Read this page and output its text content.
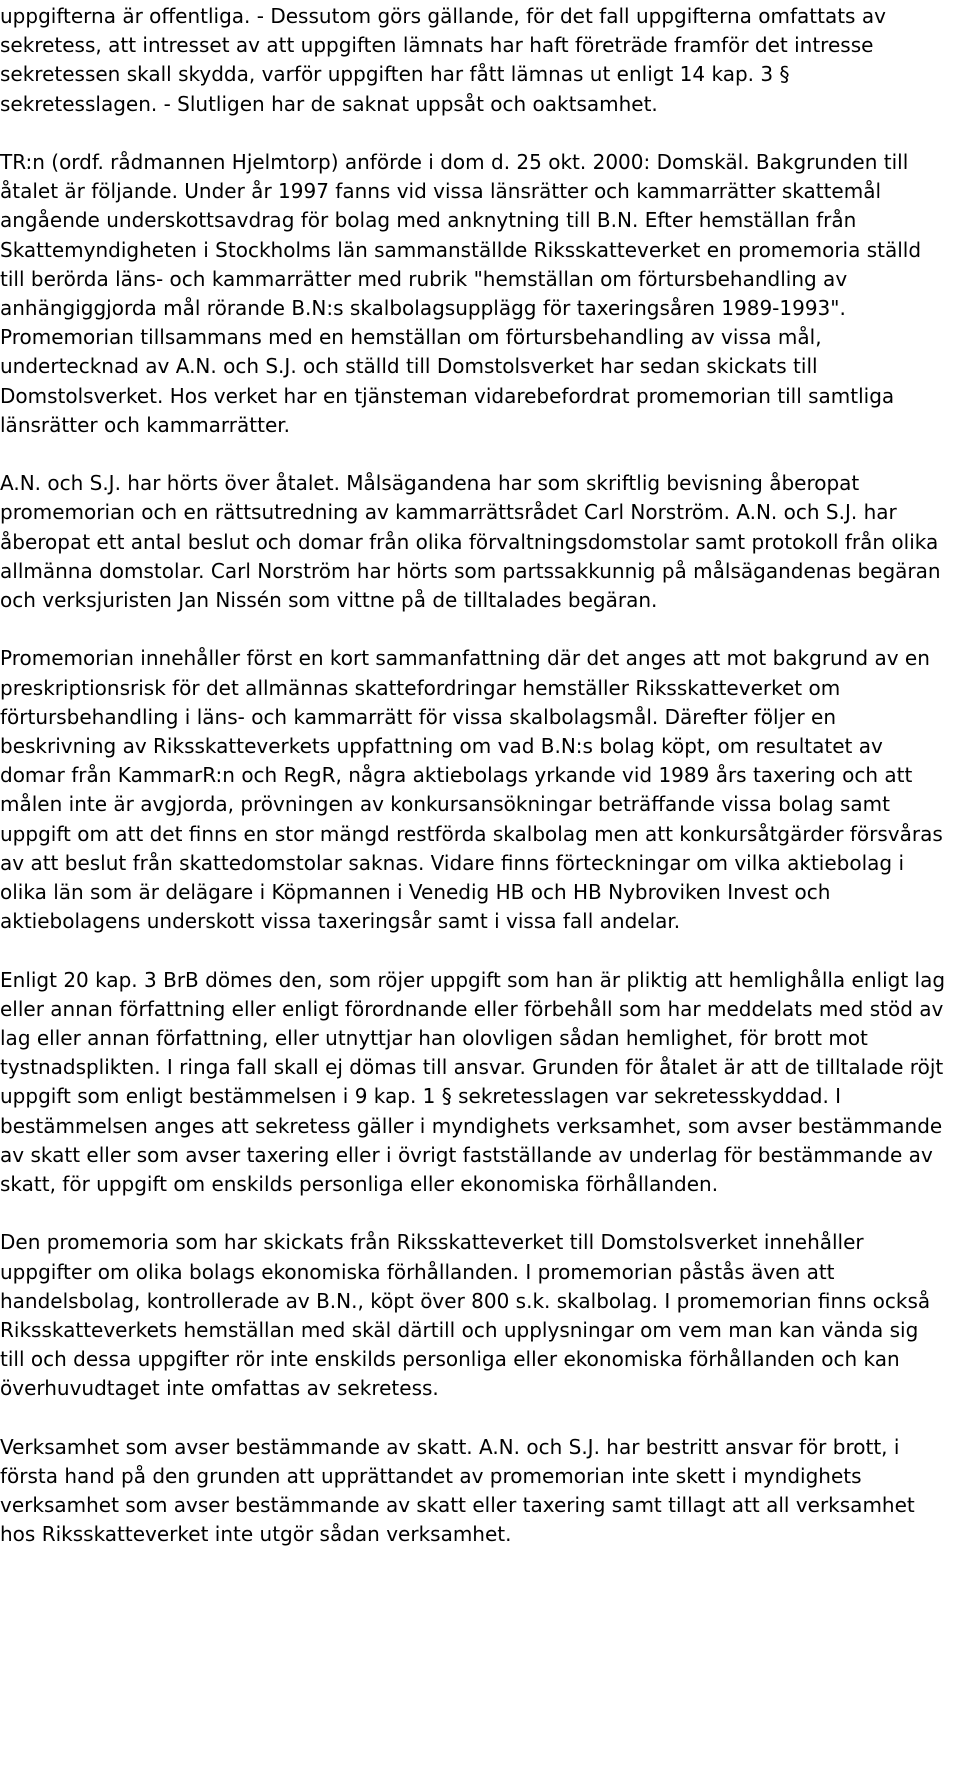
uppgifterna är offentliga. - Dessutom görs gällande, för det fall uppgifterna omfattats av sekretess, att intresset av att uppgiften lämnats har haft företräde framför det intresse sekretessen skall skydda, varför uppgiften har fått lämnas ut enligt 14 kap. 3 § sekretesslagen. - Slutligen har de saknat uppsåt och oaktsamhet.

TR:n (ordf. rådmannen Hjelmtorp) anförde i dom d. 25 okt. 2000: Domskäl. Bakgrunden till åtalet är följande. Under år 1997 fanns vid vissa länsrätter och kammarrätter skattemål angående underskottsavdrag för bolag med anknytning till B.N. Efter hemställan från Skattemyndigheten i Stockholms län sammanställde Riksskatteverket en promemoria ställd till berörda läns- och kammarrätter med rubrik "hemställan om förtursbehandling av anhängiggjorda mål rörande B.N:s skalbolagsupplägg för taxeringsåren 1989-1993". Promemorian tillsammans med en hemställan om förtursbehandling av vissa mål, undertecknad av A.N. och S.J. och ställd till Domstolsverket har sedan skickats till Domstolsverket. Hos verket har en tjänsteman vidarebefordrat promemorian till samtliga länsrätter och kammarrätter.

A.N. och S.J. har hörts över åtalet. Målsägandena har som skriftlig bevisning åberopat promemorian och en rättsutredning av kammarrättsrådet Carl Norström. A.N. och S.J. har åberopat ett antal beslut och domar från olika förvaltningsdomstolar samt protokoll från olika allmänna domstolar. Carl Norström har hörts som partssakkunnig på målsägandenas begäran och verksjuristen Jan Nissén som vittne på de tilltalades begäran.

Promemorian innehåller först en kort sammanfattning där det anges att mot bakgrund av en preskriptionsrisk för det allmännas skattefordringar hemställer Riksskatteverket om förtursbehandling i läns- och kammarrätt för vissa skalbolagsmål. Därefter följer en beskrivning av Riksskatteverkets uppfattning om vad B.N:s bolag köpt, om resultatet av domar från KammarR:n och RegR, några aktiebolags yrkande vid 1989 års taxering och att målen inte är avgjorda, prövningen av konkursansökningar beträffande vissa bolag samt uppgift om att det finns en stor mängd restförda skalbolag men att konkursåtgärder försvåras av att beslut från skattedomstolar saknas. Vidare finns förteckningar om vilka aktiebolag i olika län som är delägare i Köpmannen i Venedig HB och HB Nybroviken Invest och aktiebolagens underskott vissa taxeringsår samt i vissa fall andelar.

Enligt 20 kap. 3 BrB dömes den, som röjer uppgift som han är pliktig att hemlighålla enligt lag eller annan författning eller enligt förordnande eller förbehåll som har meddelats med stöd av lag eller annan författning, eller utnyttjar han olovligen sådan hemlighet, för brott mot tystnadsplikten. I ringa fall skall ej dömas till ansvar. Grunden för åtalet är att de tilltalade röjt uppgift som enligt bestämmelsen i 9 kap. 1 § sekretesslagen var sekretesskyddad. I bestämmelsen anges att sekretess gäller i myndighets verksamhet, som avser bestämmande av skatt eller som avser taxering eller i övrigt fastställande av underlag för bestämmande av skatt, för uppgift om enskilds personliga eller ekonomiska förhållanden.

Den promemoria som har skickats från Riksskatteverket till Domstolsverket innehåller uppgifter om olika bolags ekonomiska förhållanden. I promemorian påstås även att handelsbolag, kontrollerade av B.N., köpt över 800 s.k. skalbolag. I promemorian finns också Riksskatteverkets hemställan med skäl därtill och upplysningar om vem man kan vända sig till och dessa uppgifter rör inte enskilds personliga eller ekonomiska förhållanden och kan överhuvudtaget inte omfattas av sekretess.

Verksamhet som avser bestämmande av skatt. A.N. och S.J. har bestritt ansvar för brott, i första hand på den grunden att upprättandet av promemorian inte skett i myndighets verksamhet som avser bestämmande av skatt eller taxering samt tillagt att all verksamhet hos Riksskatteverket inte utgör sådan verksamhet.
